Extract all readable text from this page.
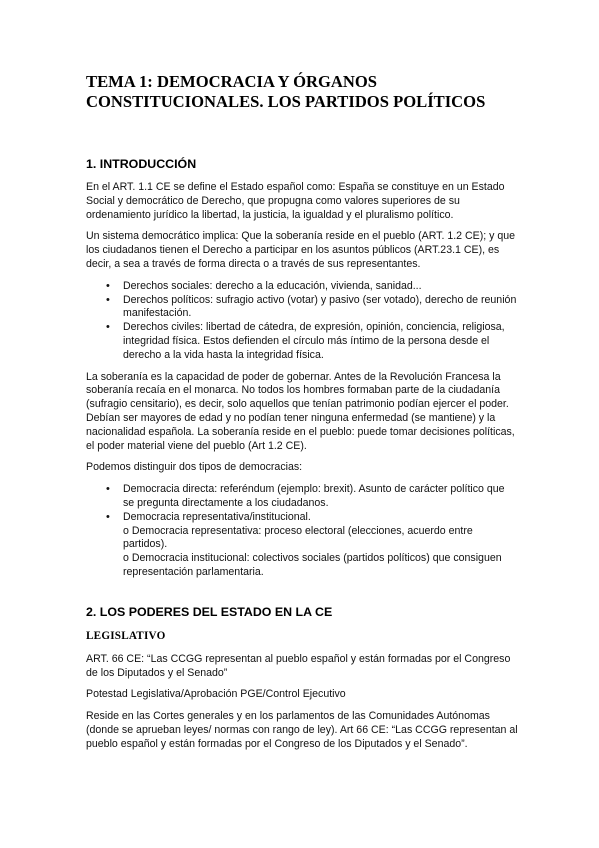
TEMA 1: DEMOCRACIA Y ÓRGANOS CONSTITUCIONALES. LOS PARTIDOS POLÍTICOS
1. INTRODUCCIÓN

En el ART. 1.1 CE se define el Estado español como: España se constituye en un Estado Social y democrático de Derecho, que propugna como valores superiores de su ordenamiento jurídico la libertad, la justicia, la igualdad y el pluralismo político.

Un sistema democrático implica: Que la soberanía reside en el pueblo (ART. 1.2 CE); y que los ciudadanos tienen el Derecho a participar en los asuntos públicos (ART.23.1 CE), es decir, a sea a través de forma directa o a través de sus representantes.

•	Derechos sociales: derecho a la educación, vivienda, sanidad...
•	Derechos políticos: sufragio activo (votar) y pasivo (ser votado), derecho de reunión manifestación.
•	Derechos civiles: libertad de cátedra, de expresión, opinión, conciencia, religiosa, integridad física. Estos defienden el círculo más íntimo de la persona desde el derecho a la vida hasta la integridad física.

La soberanía es la capacidad de poder de gobernar. Antes de la Revolución Francesa la soberanía recaía en el monarca. No todos los hombres formaban parte de la ciudadanía (sufragio censitario), es decir, solo aquellos que tenían patrimonio podían ejercer el poder. Debían ser mayores de edad y no podían tener ninguna enfermedad (se mantiene) y la nacionalidad española. La soberanía reside en el pueblo: puede tomar decisiones políticas, el poder material viene del pueblo (Art 1.2 CE).

Podemos distinguir dos tipos de democracias:

•	Democracia directa: referéndum (ejemplo: brexit). Asunto de carácter político que se pregunta directamente a los ciudadanos.
•	Democracia representativa/institucional.
o Democracia representativa: proceso electoral (elecciones, acuerdo entre partidos).
o Democracia institucional: colectivos sociales (partidos políticos) que consiguen representación parlamentaria.
2. LOS PODERES DEL ESTADO EN LA CE
LEGISLATIVO

ART. 66 CE: “Las CCGG representan al pueblo español y están formadas por el Congreso de los Diputados y el Senado”

Potestad Legislativa/Aprobación PGE/Control Ejecutivo

Reside en las Cortes generales y en los parlamentos de las Comunidades Autónomas (donde se aprueban leyes/ normas con rango de ley). Art 66 CE: “Las CCGG representan al pueblo español y están formadas por el Congreso de los Diputados y el Senado”.
